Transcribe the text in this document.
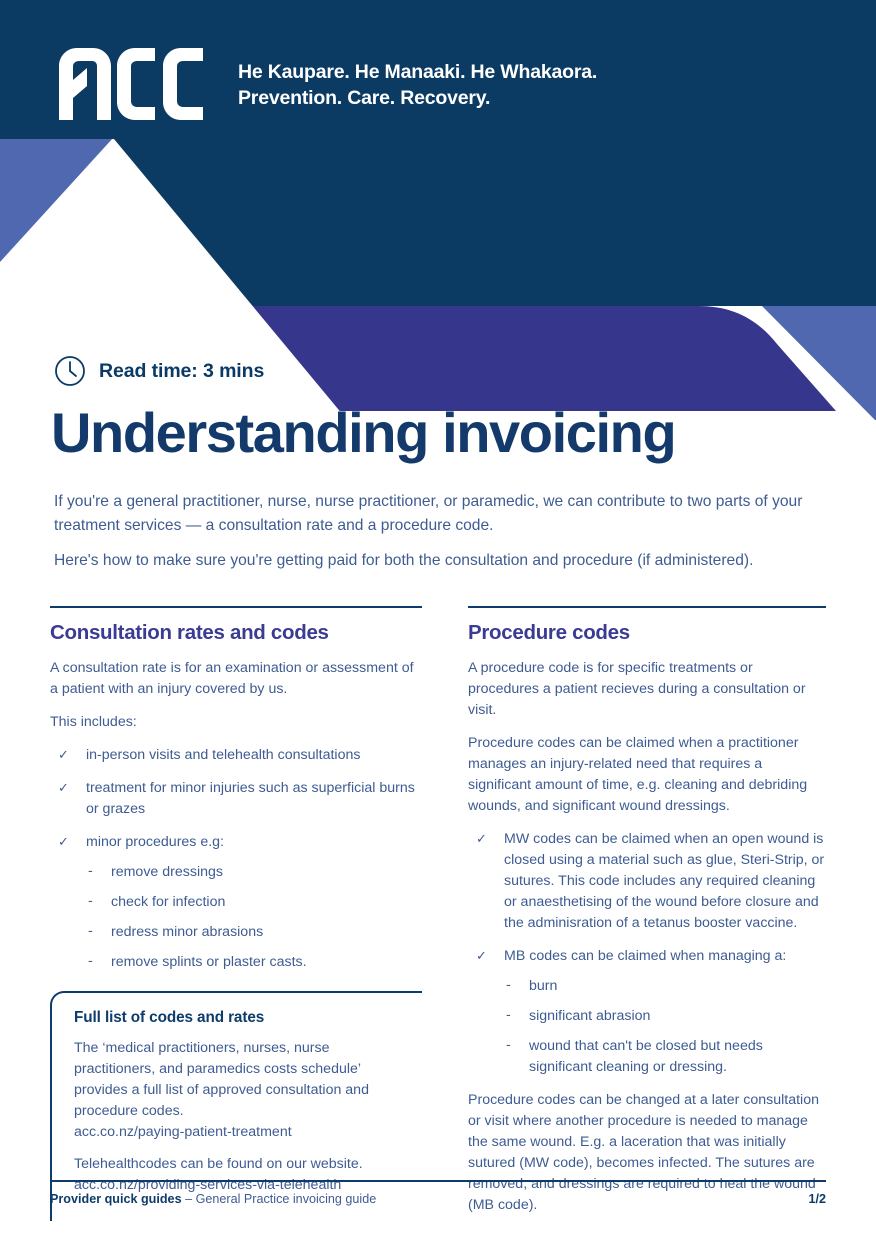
He Kaupare. He Manaaki. He Whakaora.
Prevention. Care. Recovery.
Read time: 3 mins
Understanding invoicing

If you're a general practitioner, nurse, nurse practitioner, or paramedic, we can contribute to two parts of your treatment services — a consultation rate and a procedure code.

Here's how to make sure you're getting paid for both the consultation and procedure (if administered).

Consultation rates and codes

A consultation rate is for an examination or assessment of a patient with an injury covered by us.

This includes:

✓ in-person visits and telehealth consultations
✓ treatment for minor injuries such as superficial burns or grazes
✓ minor procedures e.g:
- remove dressings
- check for infection
- redress minor abrasions
- remove splints or plaster casts.
Full list of codes and rates

The ‘medical practitioners, nurses, nurse practitioners, and paramedics costs schedule’ provides a full list of approved consultation and procedure codes.
acc.co.nz/paying-patient-treatment

Telehealthcodes can be found on our website.
acc.co.nz/providing-services-via-telehealth

Procedure codes

A procedure code is for specific treatments or procedures a patient recieves during a consultation or visit.

Procedure codes can be claimed when a practitioner manages an injury-related need that requires a significant amount of time, e.g. cleaning and debriding wounds, and significant wound dressings.

✓ MW codes can be claimed when an open wound is closed using a material such as glue, Steri-Strip, or sutures. This code includes any required cleaning or anaesthetising of the wound before closure and the adminisration of a tetanus booster vaccine.
✓ MB codes can be claimed when managing a:
- burn
- significant abrasion
- wound that can't be closed but needs significant cleaning or dressing.

Procedure codes can be changed at a later consultation or visit where another procedure is needed to manage the same wound. E.g. a laceration that was initially sutured (MW code), becomes infected. The sutures are removed, and dressings are required to heal the wound (MB code).

Provider quick guides – General Practice invoicing guide	1/2
